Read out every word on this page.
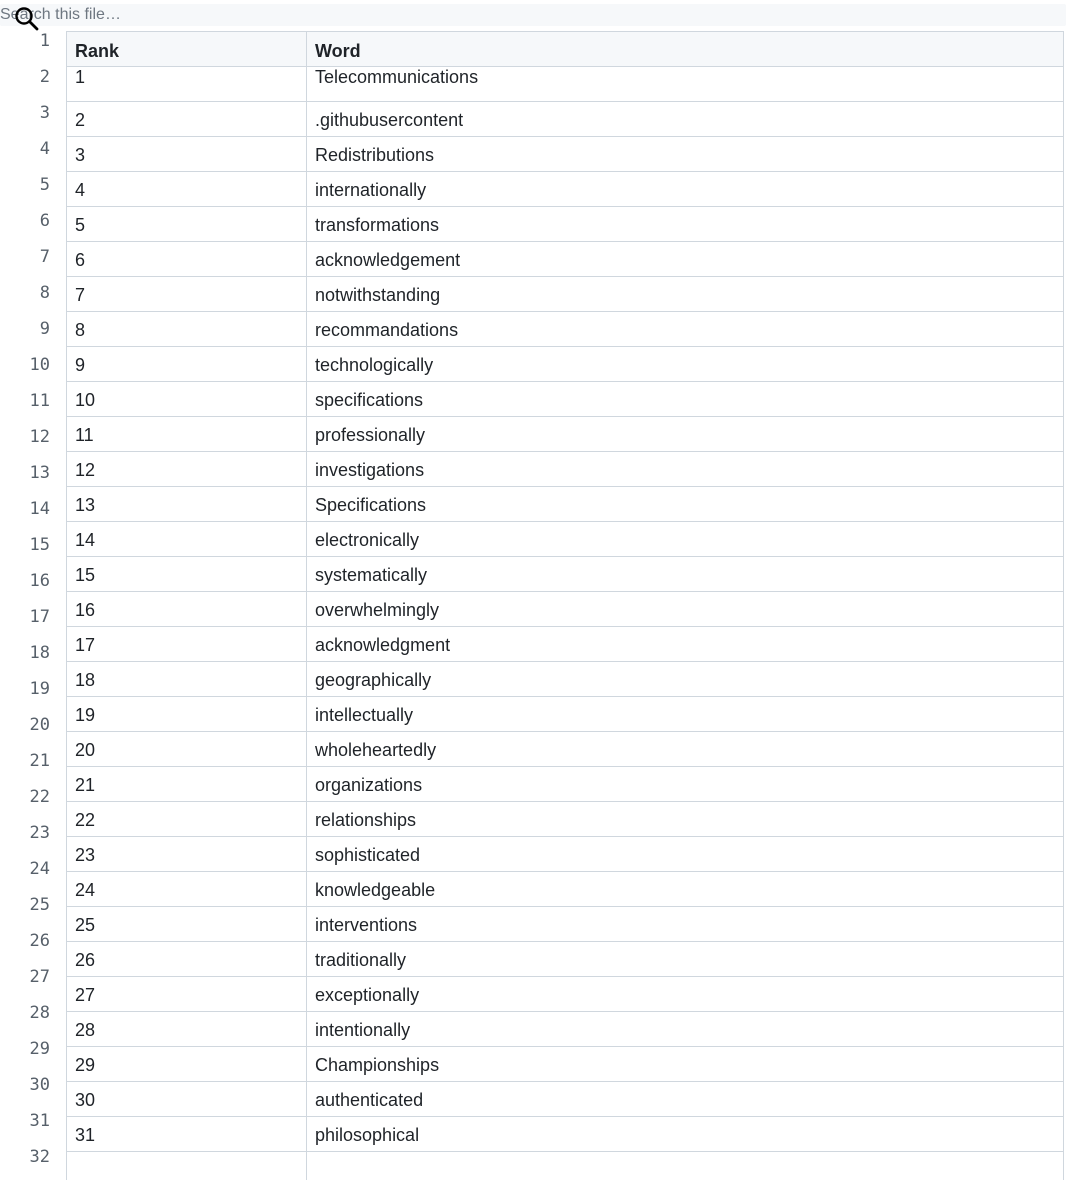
Search this file…
1
2
3
4
5
6
7
8
9
10
11
12
13
14
15
16
17
18
19
20
21
22
23
24
25
26
27
28
29
30
31
32
Rank	Word
1	Telecommunications
2	.githubusercontent
3	Redistributions
4	internationally
5	transformations
6	acknowledgement
7	notwithstanding
8	recommandations
9	technologically
10	specifications
11	professionally
12	investigations
13	Specifications
14	electronically
15	systematically
16	overwhelmingly
17	acknowledgment
18	geographically
19	intellectually
20	wholeheartedly
21	organizations
22	relationships
23	sophisticated
24	knowledgeable
25	interventions
26	traditionally
27	exceptionally
28	intentionally
29	Championships
30	authenticated
31	philosophical
